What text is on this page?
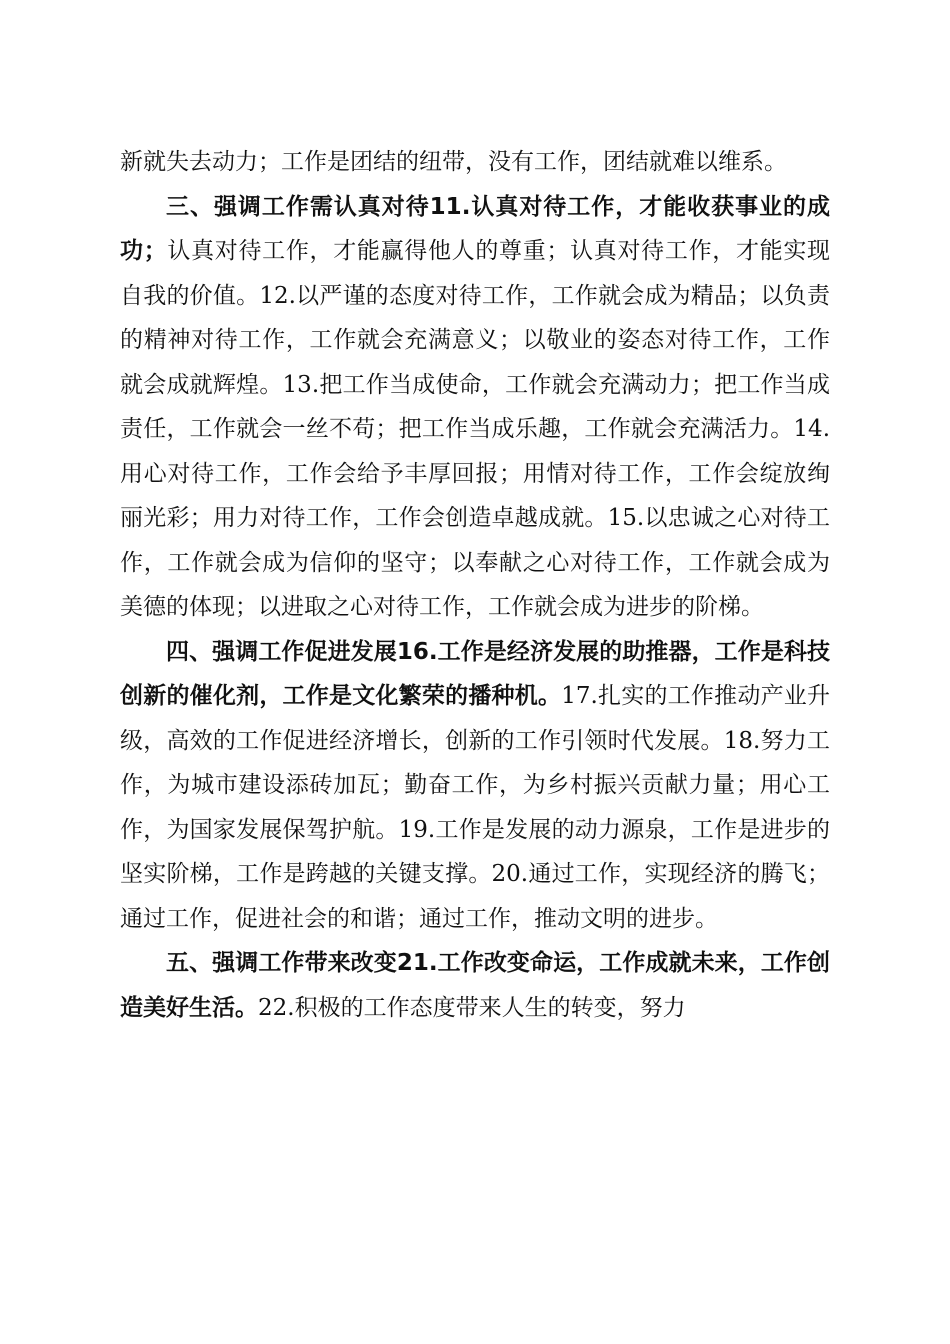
新就失去动力；工作是团结的纽带，没有工作，团结就难以维系。

三、强调工作需认真对待11.认真对待工作，才能收获事业的成功；认真对待工作，才能赢得他人的尊重；认真对待工作，才能实现自我的价值。12.以严谨的态度对待工作，工作就会成为精品；以负责的精神对待工作，工作就会充满意义；以敬业的姿态对待工作，工作就会成就辉煌。13.把工作当成使命，工作就会充满动力；把工作当成责任，工作就会一丝不苟；把工作当成乐趣，工作就会充满活力。14.用心对待工作，工作会给予丰厚回报；用情对待工作，工作会绽放绚丽光彩；用力对待工作，工作会创造卓越成就。15.以忠诚之心对待工作，工作就会成为信仰的坚守；以奉献之心对待工作，工作就会成为美德的体现；以进取之心对待工作，工作就会成为进步的阶梯。

四、强调工作促进发展16.工作是经济发展的助推器，工作是科技创新的催化剂，工作是文化繁荣的播种机。17.扎实的工作推动产业升级，高效的工作促进经济增长，创新的工作引领时代发展。18.努力工作，为城市建设添砖加瓦；勤奋工作，为乡村振兴贡献力量；用心工作，为国家发展保驾护航。19.工作是发展的动力源泉，工作是进步的坚实阶梯，工作是跨越的关键支撑。20.通过工作，实现经济的腾飞；通过工作，促进社会的和谐；通过工作，推动文明的进步。

五、强调工作带来改变21.工作改变命运，工作成就未来，工作创造美好生活。22.积极的工作态度带来人生的转变，努力
